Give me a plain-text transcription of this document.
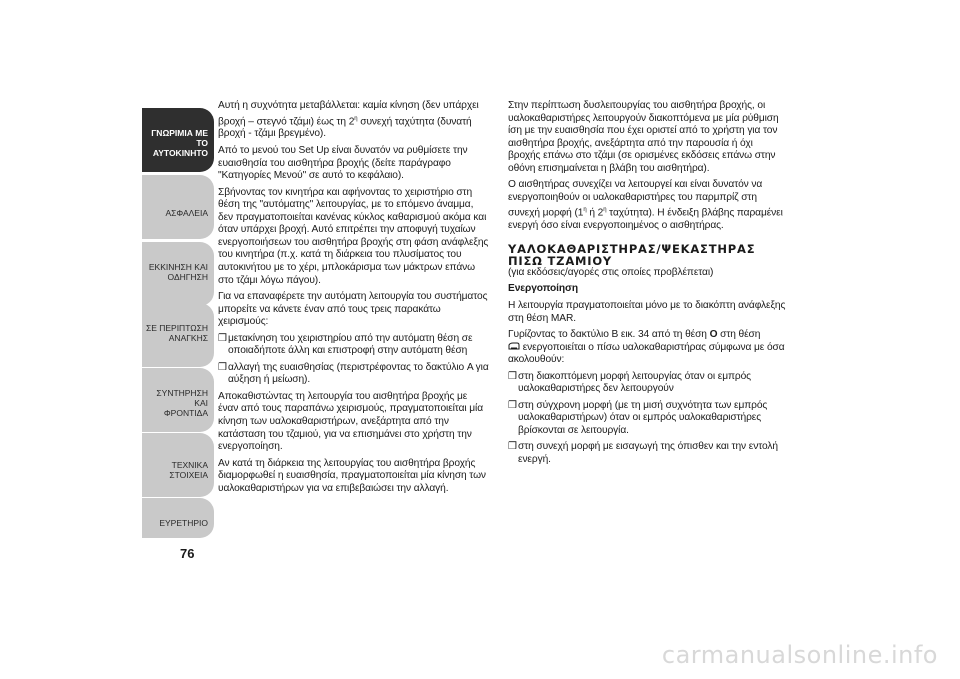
ΓΝΩΡΙΜΙΑ ΜΕ ΤΟ
ΑΥΤΟΚΙΝΗΤΟ
ΑΣΦΑΛΕΙΑ
ΕΚΚΙΝΗΣΗ ΚΑΙ
ΟΔΗΓΗΣΗ
ΣΕ ΠΕΡΙΠΤΩΣΗ
ΑΝΑΓΚΗΣ
ΣΥΝΤΗΡΗΣΗ ΚΑΙ
ΦΡΟΝΤΙΔΑ
ΤΕΧΝΙΚΑ ΣΤΟΙΧΕΙΑ
ΕΥΡΕΤΗΡΙΟ
76

Αυτή η συχνότητα μεταβάλλεται: καμία κίνηση (δεν υπάρχει βροχή – στεγνό τζάμι) έως τη $2^\eta$ συνεχή ταχύτητα (δυνατή βροχή - τζάμι βρεγμένο).

Από το μενού του Set Up είναι δυνατόν να ρυθμίσετε την ευαισθησία του αισθητήρα βροχής (δείτε παράγραφο "Κατηγορίες Μενού" σε αυτό το κεφάλαιο).

Σβήνοντας τον κινητήρα και αφήνοντας το χειριστήριο στη θέση της "αυτόματης" λειτουργίας, με το επόμενο άναμμα, δεν πραγματοποιείται κανένας κύκλος καθαρισμού ακόμα και όταν υπάρχει βροχή. Αυτό επιτρέπει την αποφυγή τυχαίων ενεργοποιήσεων του αισθητήρα βροχής στη φάση ανάφλεξης του κινητήρα (π.χ. κατά τη διάρκεια του πλυσίματος του αυτοκινήτου με το χέρι, μπλοκάρισμα των μάκτρων επάνω στο τζάμι λόγω πάγου).

Για να επαναφέρετε την αυτόματη λειτουργία του συστήματος μπορείτε να κάνετε έναν από τους τρεις παρακάτω χειρισμούς:

❒μετακίνηση του χειριστηρίου από την αυτόματη θέση σε οποιαδήποτε άλλη και επιστροφή στην αυτόματη θέση

❒αλλαγή της ευαισθησίας (περιστρέφοντας το δακτύλιο A για αύξηση ή μείωση).

Αποκαθιστώντας τη λειτουργία του αισθητήρα βροχής με έναν από τους παραπάνω χειρισμούς, πραγματοποιείται μία κίνηση των υαλοκαθαριστήρων, ανεξάρτητα από την κατάσταση του τζαμιού, για να επισημάνει στο χρήστη την ενεργοποίηση.

Αν κατά τη διάρκεια της λειτουργίας του αισθητήρα βροχής διαμορφωθεί η ευαισθησία, πραγματοποιείται μία κίνηση των υαλοκαθαριστήρων για να επιβεβαιώσει την αλλαγή.

Στην περίπτωση δυσλειτουργίας του αισθητήρα βροχής, οι υαλοκαθαριστήρες λειτουργούν διακοπτόμενα με μία ρύθμιση ίση με την ευαισθησία που έχει οριστεί από το χρήστη για τον αισθητήρα βροχής, ανεξάρτητα από την παρουσία ή όχι βροχής επάνω στο τζάμι (σε ορισμένες εκδόσεις επάνω στην οθόνη επισημαίνεται η βλάβη του αισθητήρα).

Ο αισθητήρας συνεχίζει να λειτουργεί και είναι δυνατόν να ενεργοποιηθούν οι υαλοκαθαριστήρες του παρμπρίζ στη συνεχή μορφή ($1^\eta$ ή $2^\eta$ ταχύτητα). Η ένδειξη βλάβης παραμένει ενεργή όσο είναι ενεργοποιημένος ο αισθητήρας.

ΥΑΛΟΚΑΘΑΡΙΣΤΗΡΑΣ/ΨΕΚΑΣΤΗΡΑΣ
ΠΙΣΩ ΤΖΑΜΙΟΥ

(για εκδόσεις/αγορές στις οποίες προβλέπεται)

Ενεργοποίηση

Η λειτουργία πραγματοποιείται μόνο με το διακόπτη ανάφλεξης στη θέση MAR.

Γυρίζοντας το δακτύλιο B εικ. 34 από τη θέση O στη θέση
ενεργοποιείται ο πίσω υαλοκαθαριστήρας σύμφωνα με όσα ακολουθούν:

❒στη διακοπτόμενη μορφή λειτουργίας όταν οι εμπρός υαλοκαθαριστήρες δεν λειτουργούν

❒στη σύγχρονη μορφή (με τη μισή συχνότητα των εμπρός υαλοκαθαριστήρων) όταν οι εμπρός υαλοκαθαριστήρες βρίσκονται σε λειτουργία.

❒στη συνεχή μορφή με εισαγωγή της όπισθεν και την εντολή ενεργή.

carmanualsonline.info
